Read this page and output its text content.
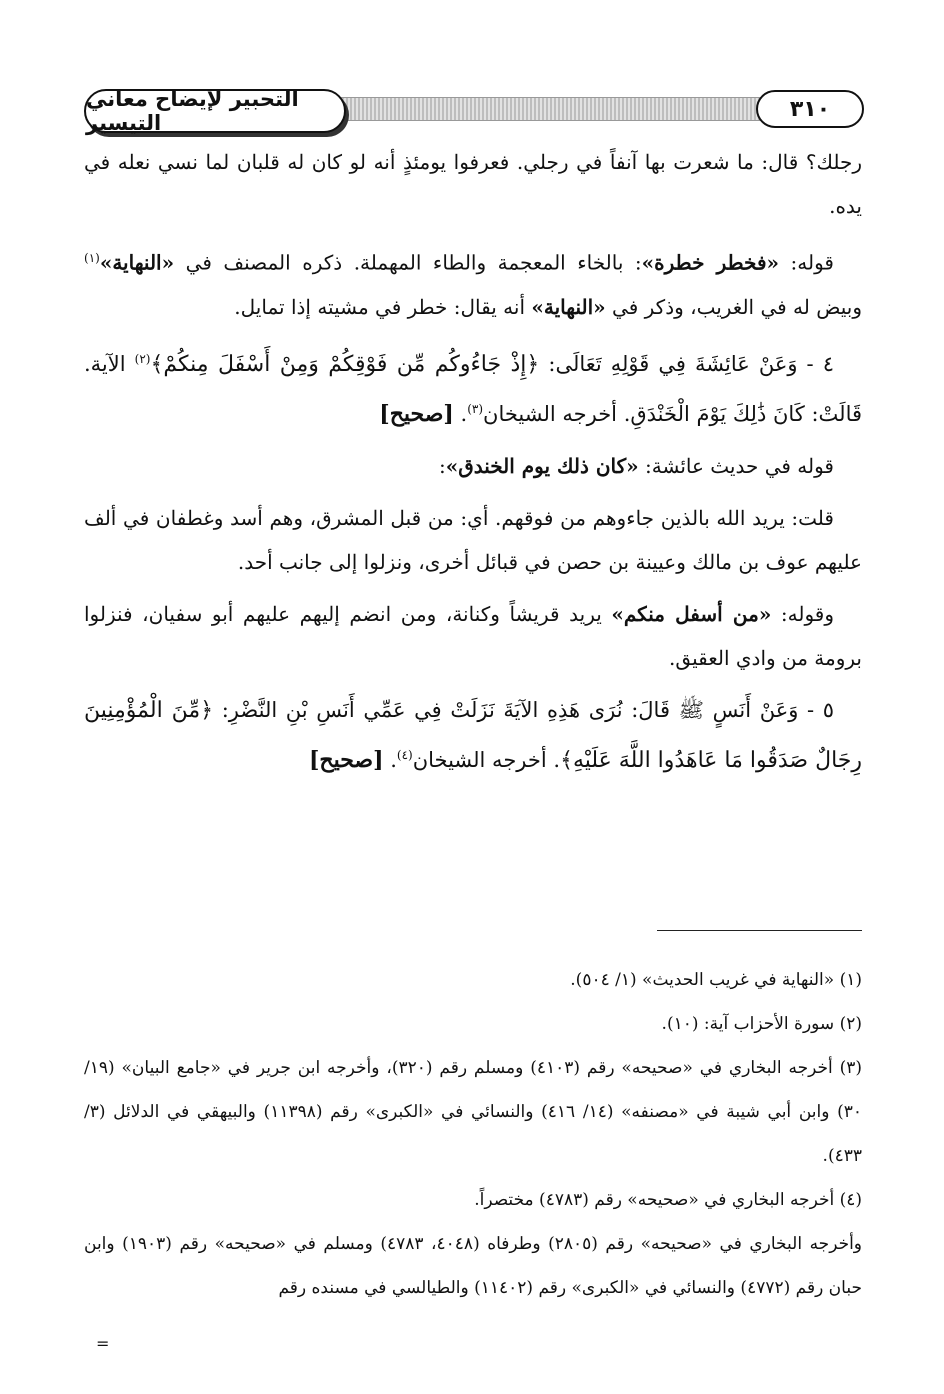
التحبير لإيضاح معاني التيسير
٣١٠

رجلك؟ قال: ما شعرت بها آنفاً في رجلي. فعرفوا يومئذٍ أنه لو كان له قلبان لما نسي نعله في يده.

قوله: «فخطر خطرة»: بالخاء المعجمة والطاء المهملة. ذكره المصنف في «النهاية»$^{(١)}$ وبيض له في الغريب، وذكر في «النهاية» أنه يقال: خطر في مشيته إذا تمايل.

٤ - وَعَنْ عَائِشَةَ فِي قَوْلِهِ تَعَالَى: ﴿إِذْ جَاءُوكُم مِّن فَوْقِكُمْ وَمِنْ أَسْفَلَ مِنكُمْ﴾$^{(٢)}$ الآية. قَالَتْ: كَانَ ذَٰلِكَ يَوْمَ الْخَنْدَقِ. أخرجه الشيخان$^{(٣)}$. [صحيح]

قوله في حديث عائشة: «كان ذلك يوم الخندق»:

قلت: يريد الله بالذين جاءوهم من فوقهم. أي: من قبل المشرق، وهم أسد وغطفان في ألف عليهم عوف بن مالك وعيينة بن حصن في قبائل أخرى، ونزلوا إلى جانب أحد.

وقوله: «من أسفل منكم» يريد قريشاً وكنانة، ومن انضم إليهم عليهم أبو سفيان، فنزلوا برومة من وادي العقيق.

٥ - وَعَنْ أَنَسٍ ﷺ قَالَ: نُرَى هَذِهِ الآيَةَ نَزَلَتْ فِي عَمِّي أَنَسِ بْنِ النَّضْرِ: ﴿مِّنَ الْمُؤْمِنِينَ رِجَالٌ صَدَقُوا مَا عَاهَدُوا اللَّهَ عَلَيْهِ﴾. أخرجه الشيخان$^{(٤)}$. [صحيح]

(١) «النهاية في غريب الحديث» (١/ ٥٠٤).

(٢) سورة الأحزاب آية: (١٠).

(٣) أخرجه البخاري في «صحيحه» رقم (٤١٠٣) ومسلم رقم (٣٢٠)، وأخرجه ابن جرير في «جامع البيان» (١٩/ ٣٠) وابن أبي شيبة في «مصنفه» (١٤/ ٤١٦) والنسائي في «الكبرى» رقم (١١٣٩٨) والبيهقي في الدلائل (٣/ ٤٣٣).

(٤) أخرجه البخاري في «صحيحه» رقم (٤٧٨٣) مختصراً.

وأخرجه البخاري في «صحيحه» رقم (٢٨٠٥) وطرفاه (٤٠٤٨، ٤٧٨٣) ومسلم في «صحيحه» رقم (١٩٠٣) وابن حبان رقم (٤٧٧٢) والنسائي في «الكبرى» رقم (١١٤٠٢) والطيالسي في مسنده رقم

=
